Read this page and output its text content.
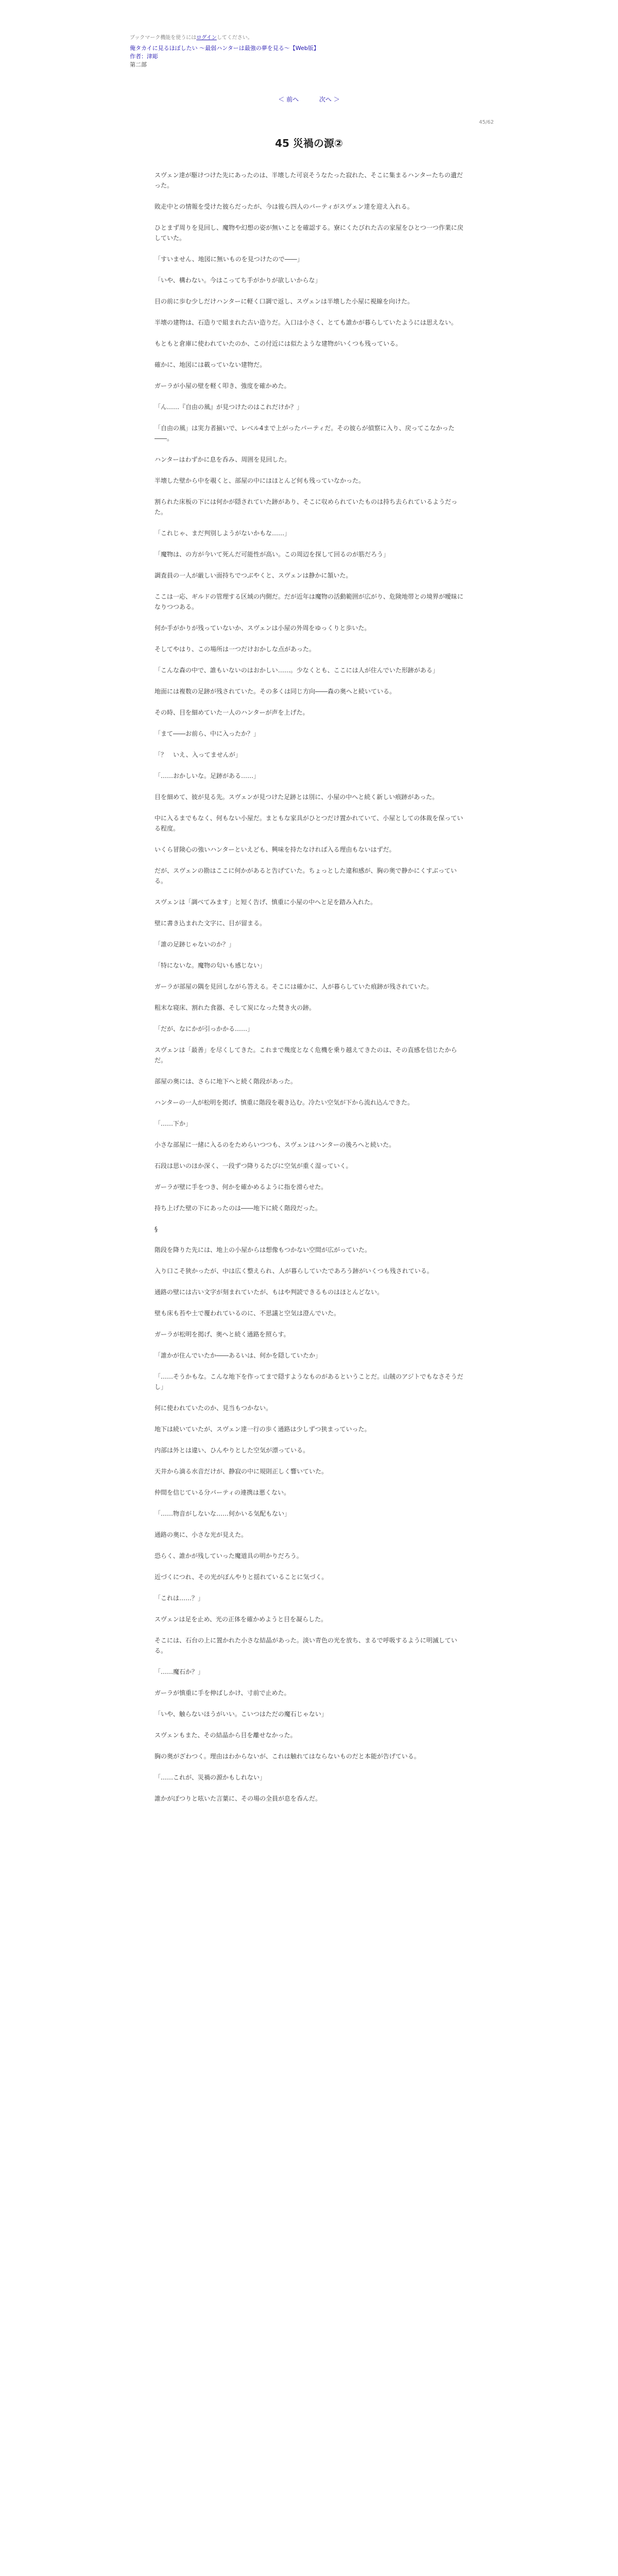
ブックマーク機能を使うにはログインしてください。
俺タカイに見るほぼしたい 〜最弱ハンターは最強の夢を見る〜【Web版】
作者：津彫
第二部
＜ 前へ	次へ ＞
45/62
45 災禍の源②

スヴェン達が駆けつけた先にあったのは、半壊した可哀そうなたった寂れた、そこに集まるハンターたちの遺だった。

敗走中との情報を受けた彼らだったが、今は彼ら四人のパーティがスヴェン達を迎え入れる。

ひとまず周りを見回し、魔物や幻想の姿が無いことを確認する。寮にくたびれた古の家屋をひとつ一つ作業に戻していた。

「すいません、地図に無いものを見つけたので――」

「いや、構わない。今はこってち手がかりが欲しいからな」

目の前に歩む少しだけハンターに軽く口調で返し、スヴェンは半壊した小屋に視線を向けた。

半壊の建物は、石造りで組まれた古い造りだ。入口は小さく、とても誰かが暮らしていたようには思えない。

もともと倉庫に使われていたのか、この付近には似たような建物がいくつも残っている。

確かに、地図には載っていない建物だ。

ガーラが小屋の壁を軽く叩き、強度を確かめた。

「ん……『自由の風』が見つけたのはこれだけか？」

「自由の風」は実力者揃いで、レベル4まで上がったパーティだ。その彼らが偵察に入り、戻ってこなかった――。

ハンターはわずかに息を呑み、周囲を見回した。

半壊した壁から中を覗くと、部屋の中にはほとんど何も残っていなかった。

割られた床板の下には何かが隠されていた跡があり、そこに収められていたものは持ち去られているようだった。

「これじゃ、まだ判別しようがないかもな……」

「魔物は、の方が今いて死んだ可能性が高い。この周辺を探して回るのが筋だろう」

調査員の一人が厳しい面持ちでつぶやくと、スヴェンは静かに頷いた。

ここは一応、ギルドの管理する区域の内側だ。だが近年は魔物の活動範囲が広がり、危険地帯との境界が曖昧になりつつある。

何か手がかりが残っていないか、スヴェンは小屋の外周をゆっくりと歩いた。

そしてやはり、この場所は一つだけおかしな点があった。

「こんな森の中で、誰もいないのはおかしい……。少なくとも、ここには人が住んでいた形跡がある」

地面には複数の足跡が残されていた。その多くは同じ方向――森の奥へと続いている。

その時、目を細めていた一人のハンターが声を上げた。

「まて――お前ら、中に入ったか？」

「？　いえ、入ってませんが」

「……おかしいな。足跡がある……」

目を細めて、彼が見る先。スヴェンが見つけた足跡とは別に、小屋の中へと続く新しい痕跡があった。

中に入るまでもなく、何もない小屋だ。まともな家具がひとつだけ置かれていて、小屋としての体裁を保っている程度。

いくら冒険心の強いハンターといえども、興味を持たなければ入る理由もないはずだ。

だが、スヴェンの勘はここに何かがあると告げていた。ちょっとした違和感が、胸の奥で静かにくすぶっている。

スヴェンは「調べてみます」と短く告げ、慎重に小屋の中へと足を踏み入れた。

壁に書き込まれた文字に、目が留まる。

「誰の足跡じゃないのか？」

「特にないな。魔物の匂いも感じない」

ガーラが部屋の隅を見回しながら答える。そこには確かに、人が暮らしていた痕跡が残されていた。

粗末な寝床、割れた食器、そして炭になった焚き火の跡。

「だが、なにかが引っかかる……」

スヴェンは「最善」を尽くしてきた。これまで幾度となく危機を乗り越えてきたのは、その直感を信じたからだ。

部屋の奥には、さらに地下へと続く階段があった。

ハンターの一人が松明を掲げ、慎重に階段を覗き込む。冷たい空気が下から流れ込んできた。

「……下か」

小さな部屋に一緒に入るのをためらいつつも、スヴェンはハンターの後ろへと続いた。

石段は思いのほか深く、一段ずつ降りるたびに空気が重く湿っていく。

ガーラが壁に手をつき、何かを確かめるように指を滑らせた。

持ち上げた壁の下にあったのは――地下に続く階段だった。

§

階段を降りた先には、地上の小屋からは想像もつかない空間が広がっていた。

入り口こそ狭かったが、中は広く整えられ、人が暮らしていたであろう跡がいくつも残されている。

通路の壁には古い文字が刻まれていたが、もはや判読できるものはほとんどない。

壁も床も苔や土で覆われているのに、不思議と空気は澄んでいた。

ガーラが松明を掲げ、奥へと続く通路を照らす。

「誰かが住んでいたか――あるいは、何かを隠していたか」

「……そうかもな。こんな地下を作ってまで隠すようなものがあるということだ。山賊のアジトでもなさそうだし」

何に使われていたのか、見当もつかない。

地下は続いていたが、スヴェン達一行の歩く通路は少しずつ狭まっていった。

内部は外とは違い、ひんやりとした空気が漂っている。

天井から滴る水音だけが、静寂の中に規則正しく響いていた。

仲間を信じている分パーティの連携は悪くない。

「……物音がしないな……何かいる気配もない」

通路の奥に、小さな光が見えた。

恐らく、誰かが残していった魔道具の明かりだろう。

近づくにつれ、その光がぼんやりと揺れていることに気づく。

「これは……？」

スヴェンは足を止め、光の正体を確かめようと目を凝らした。

そこには、石台の上に置かれた小さな結晶があった。淡い青色の光を放ち、まるで呼吸するように明滅している。

「……魔石か？」

ガーラが慎重に手を伸ばしかけ、寸前で止めた。

「いや、触らないほうがいい。こいつはただの魔石じゃない」

スヴェンもまた、その結晶から目を離せなかった。

胸の奥がざわつく。理由はわからないが、これは触れてはならないものだと本能が告げている。

「……これが、災禍の源かもしれない」

誰かがぽつりと呟いた言葉に、その場の全員が息を呑んだ。
